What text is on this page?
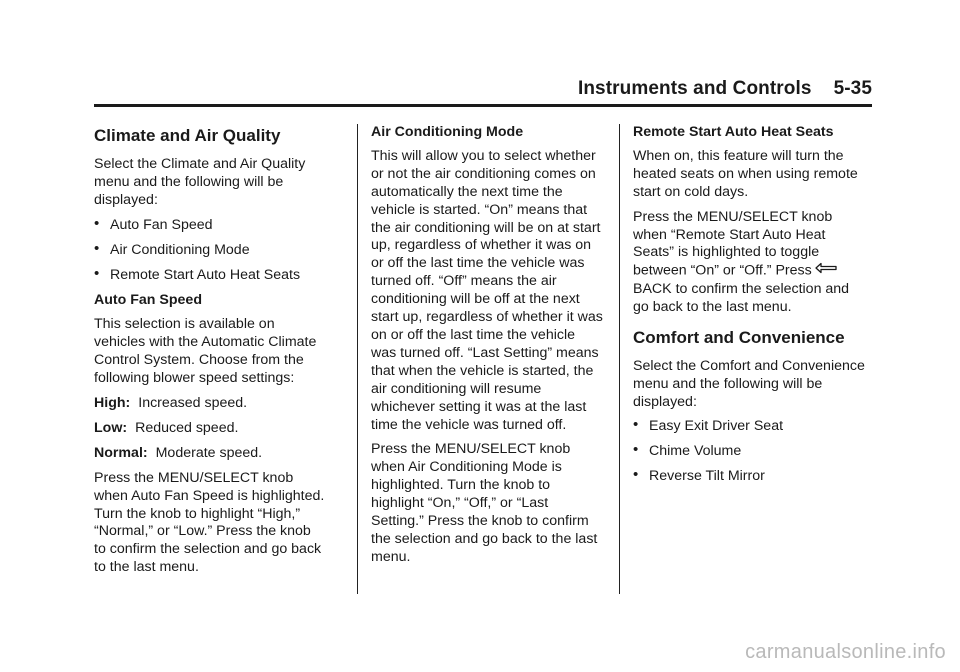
Instruments and Controls 5-35
Climate and Air Quality

Select the Climate and Air Quality menu and the following will be displayed:

• Auto Fan Speed
• Air Conditioning Mode
• Remote Start Auto Heat Seats
Auto Fan Speed

This selection is available on vehicles with the Automatic Climate Control System. Choose from the following blower speed settings:

High: Increased speed.

Low: Reduced speed.

Normal: Moderate speed.

Press the MENU/SELECT knob when Auto Fan Speed is highlighted. Turn the knob to highlight “High,” “Normal,” or “Low.” Press the knob to confirm the selection and go back to the last menu.

Air Conditioning Mode

This will allow you to select whether or not the air conditioning comes on automatically the next time the vehicle is started. “On” means that the air conditioning will be on at start up, regardless of whether it was on or off the last time the vehicle was turned off. “Off” means the air conditioning will be off at the next start up, regardless of whether it was on or off the last time the vehicle was turned off. “Last Setting” means that when the vehicle is started, the air conditioning will resume whichever setting it was at the last time the vehicle was turned off.

Press the MENU/SELECT knob when Air Conditioning Mode is highlighted. Turn the knob to highlight “On,” “Off,” or “Last Setting.” Press the knob to confirm the selection and go back to the last menu.

Remote Start Auto Heat Seats

When on, this feature will turn the heated seats on when using remote start on cold days.

Press the MENU/SELECT knob when “Remote Start Auto Heat Seats” is highlighted to toggle between “On” or “Off.” Press
BACK to confirm the selection and go back to the last menu.

Comfort and Convenience

Select the Comfort and Convenience menu and the following will be displayed:

• Easy Exit Driver Seat
• Chime Volume
• Reverse Tilt Mirror
carmanualsonline.info
